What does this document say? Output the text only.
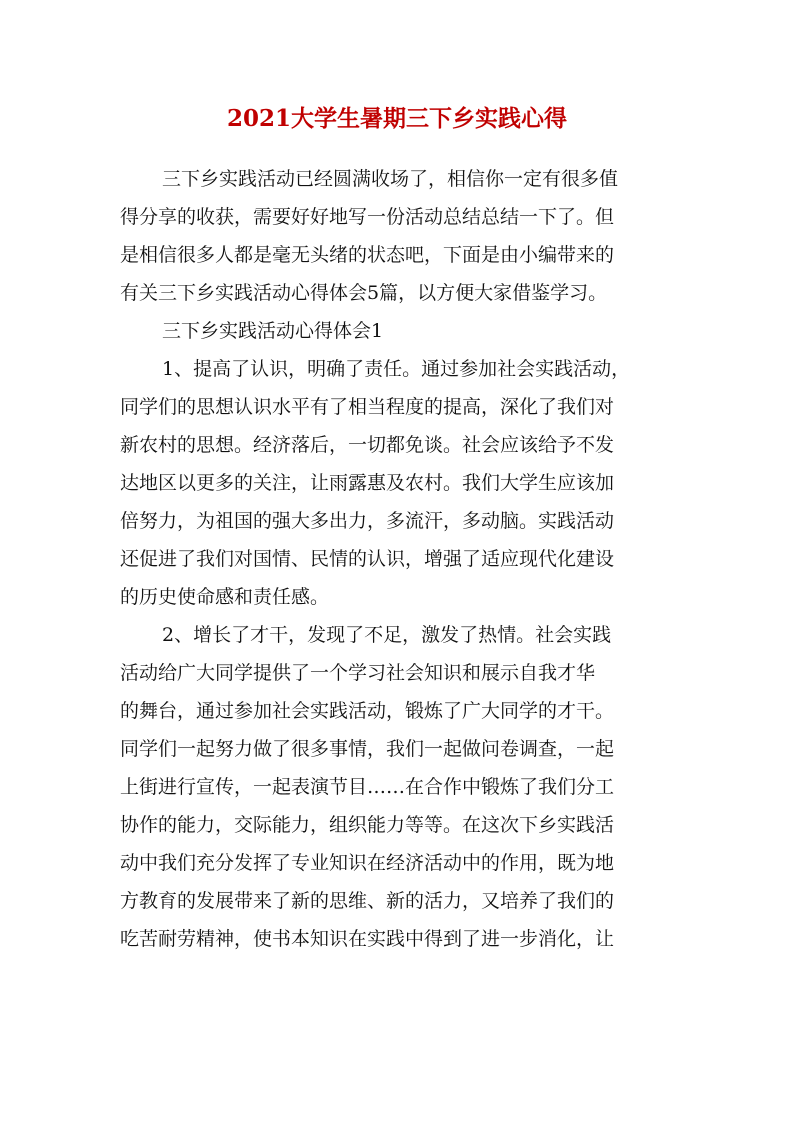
2021大学生暑期三下乡实践心得
三下乡实践活动已经圆满收场了，相信你一定有很多值
得分享的收获，需要好好地写一份活动总结总结一下了。但
是相信很多人都是毫无头绪的状态吧，下面是由小编带来的
有关三下乡实践活动心得体会5篇，以方便大家借鉴学习。
三下乡实践活动心得体会1
1、提高了认识，明确了责任。通过参加社会实践活动，
同学们的思想认识水平有了相当程度的提高，深化了我们对
新农村的思想。经济落后，一切都免谈。社会应该给予不发
达地区以更多的关注，让雨露惠及农村。我们大学生应该加
倍努力，为祖国的强大多出力，多流汗，多动脑。实践活动
还促进了我们对国情、民情的认识，增强了适应现代化建设
的历史使命感和责任感。
2、增长了才干，发现了不足，激发了热情。社会实践
活动给广大同学提供了一个学习社会知识和展示自我才华
的舞台，通过参加社会实践活动，锻炼了广大同学的才干。
同学们一起努力做了很多事情，我们一起做问卷调查，一起
上街进行宣传，一起表演节目……在合作中锻炼了我们分工
协作的能力，交际能力，组织能力等等。在这次下乡实践活
动中我们充分发挥了专业知识在经济活动中的作用，既为地
方教育的发展带来了新的思维、新的活力，又培养了我们的
吃苦耐劳精神，使书本知识在实践中得到了进一步消化，让
